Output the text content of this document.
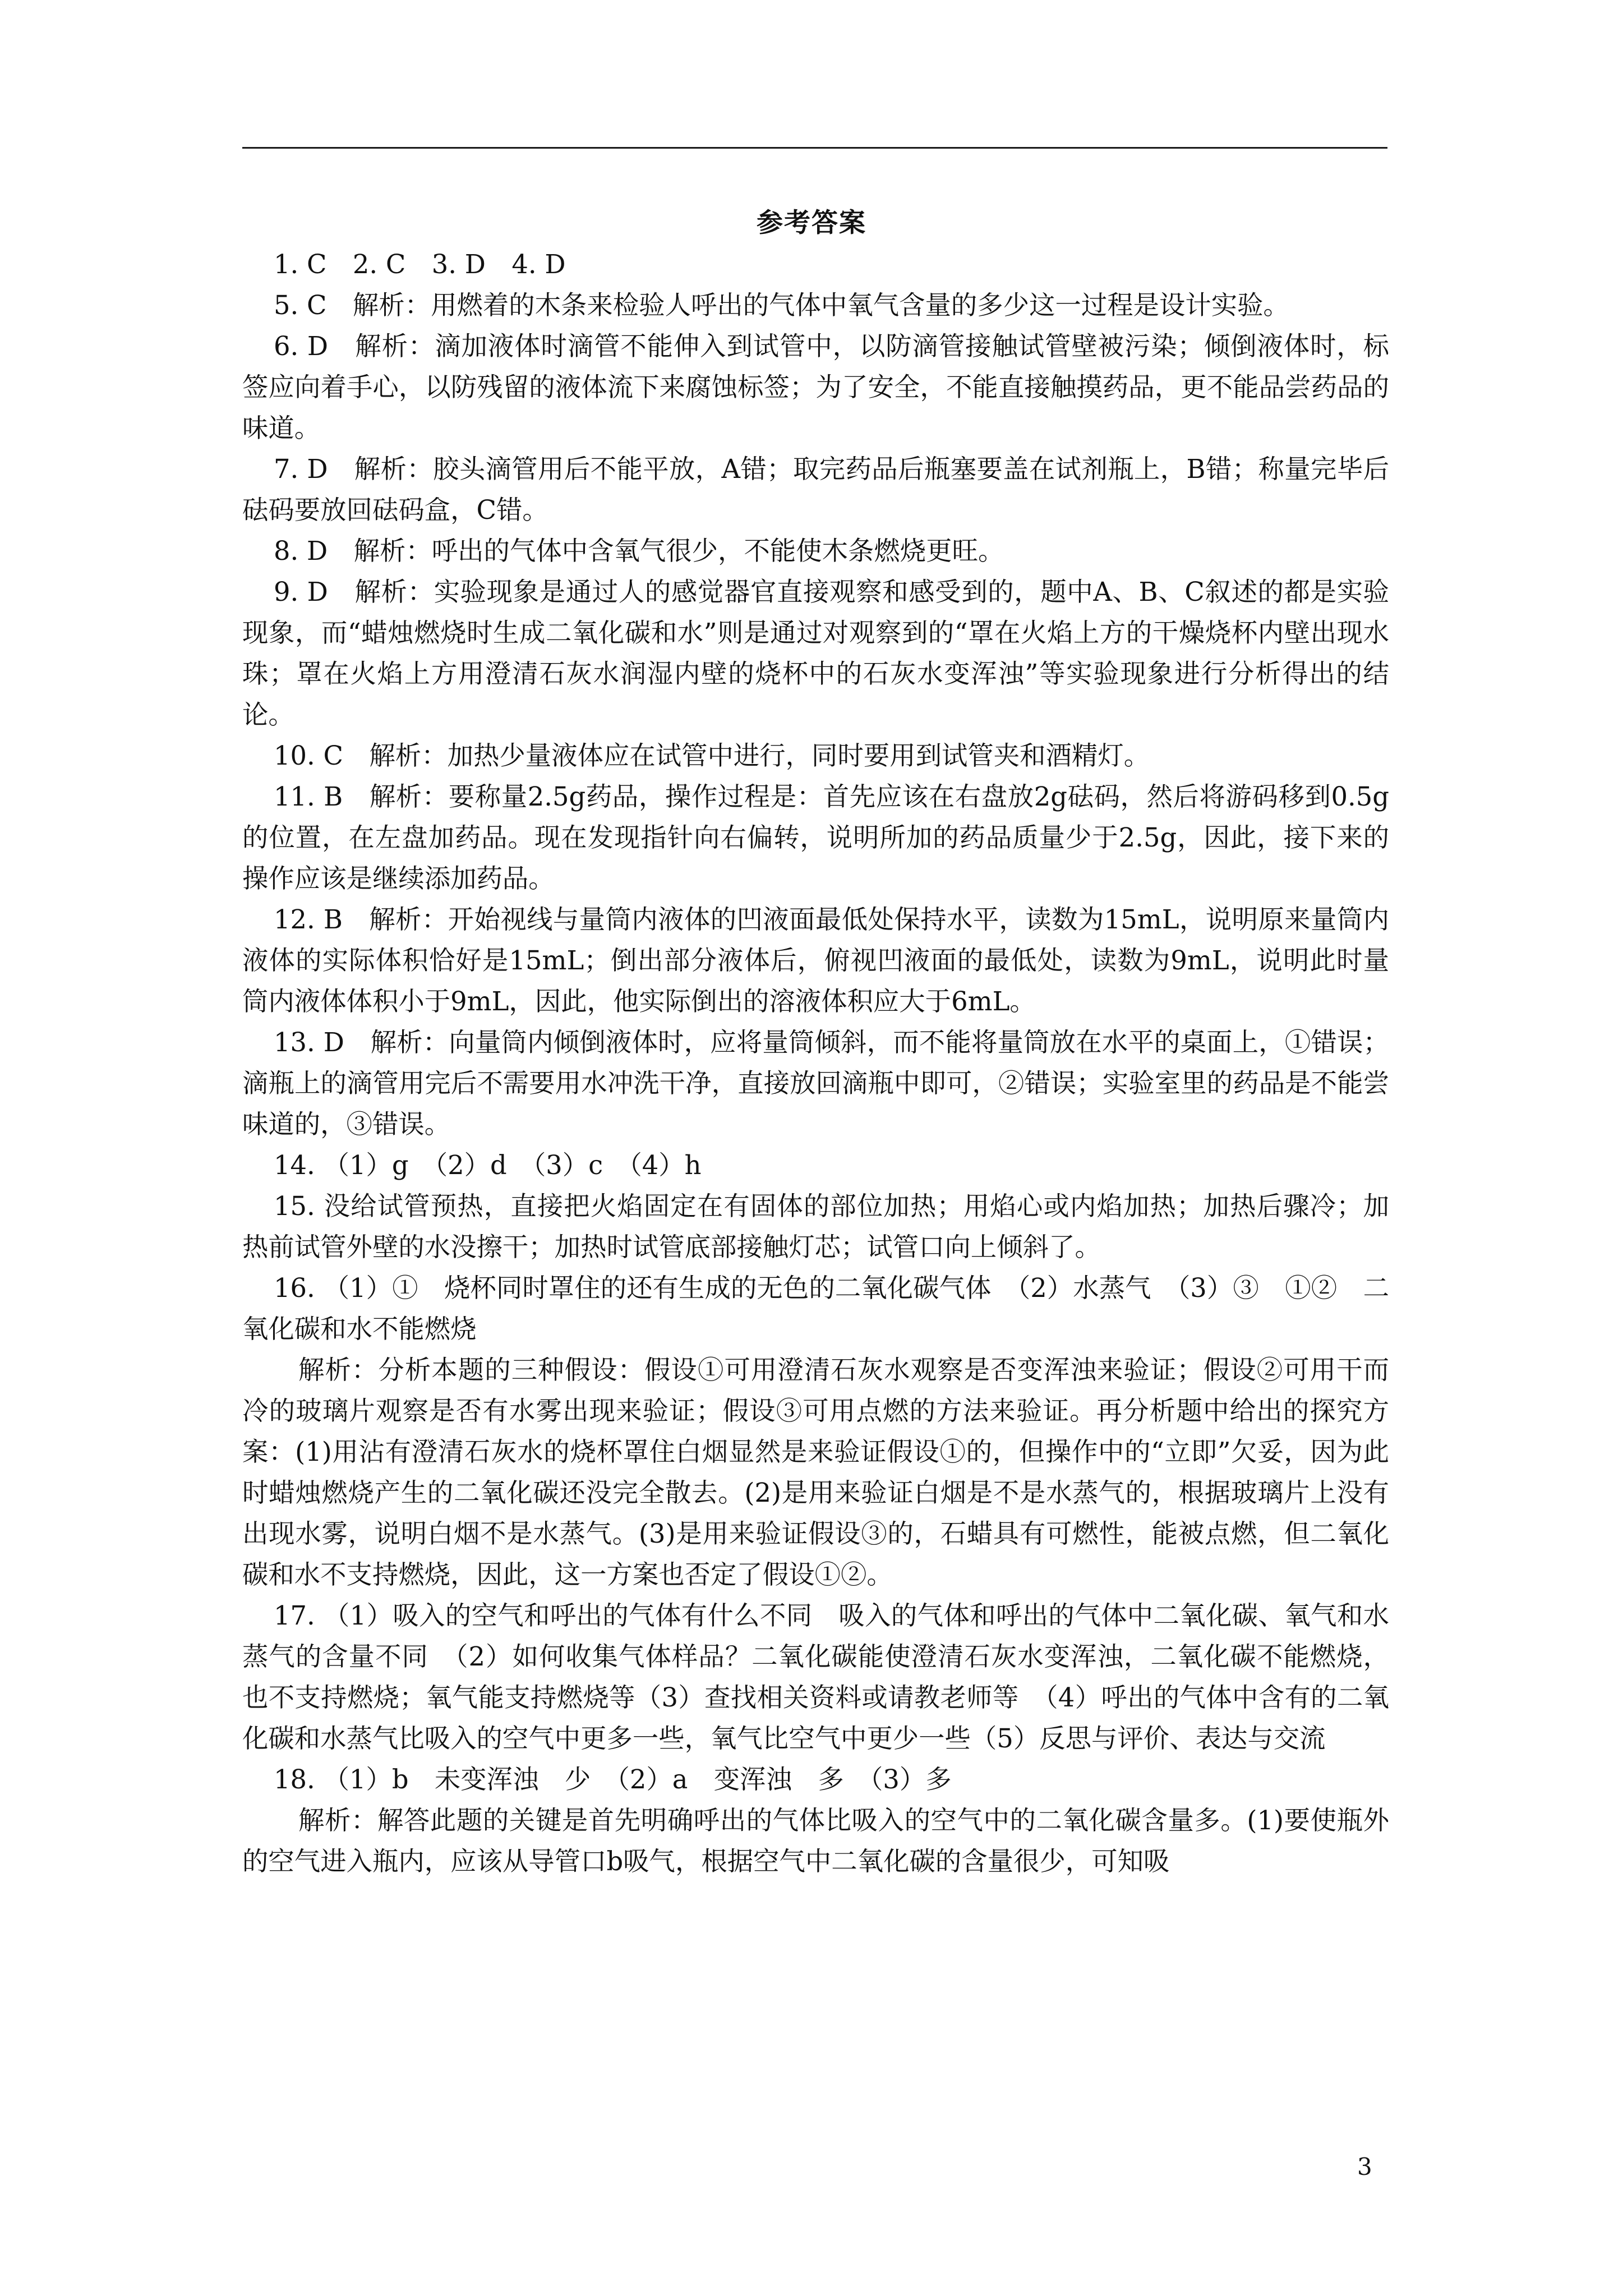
参考答案

1. C　2. C　3. D　4. D

5. C　解析：用燃着的木条来检验人呼出的气体中氧气含量的多少这一过程是设计实验。

6. D　解析：滴加液体时滴管不能伸入到试管中，以防滴管接触试管壁被污染；倾倒液体时，标签应向着手心，以防残留的液体流下来腐蚀标签；为了安全，不能直接触摸药品，更不能品尝药品的味道。

7. D　解析：胶头滴管用后不能平放，A错；取完药品后瓶塞要盖在试剂瓶上，B错；称量完毕后砝码要放回砝码盒，C错。

8. D　解析：呼出的气体中含氧气很少，不能使木条燃烧更旺。

9. D　解析：实验现象是通过人的感觉器官直接观察和感受到的，题中A、B、C叙述的都是实验现象，而“蜡烛燃烧时生成二氧化碳和水”则是通过对观察到的“罩在火焰上方的干燥烧杯内壁出现水珠；罩在火焰上方用澄清石灰水润湿内壁的烧杯中的石灰水变浑浊”等实验现象进行分析得出的结论。

10. C　解析：加热少量液体应在试管中进行，同时要用到试管夹和酒精灯。

11. B　解析：要称量2.5g药品，操作过程是：首先应该在右盘放2g砝码，然后将游码移到0.5g的位置，在左盘加药品。现在发现指针向右偏转，说明所加的药品质量少于2.5g，因此，接下来的操作应该是继续添加药品。

12. B　解析：开始视线与量筒内液体的凹液面最低处保持水平，读数为15mL，说明原来量筒内液体的实际体积恰好是15mL；倒出部分液体后，俯视凹液面的最低处，读数为9mL，说明此时量筒内液体体积小于9mL，因此，他实际倒出的溶液体积应大于6mL。

13. D　解析：向量筒内倾倒液体时，应将量筒倾斜，而不能将量筒放在水平的桌面上，①错误；滴瓶上的滴管用完后不需要用水冲洗干净，直接放回滴瓶中即可，②错误；实验室里的药品是不能尝味道的，③错误。

14. （1）g　（2）d　（3）c　（4）h

15. 没给试管预热，直接把火焰固定在有固体的部位加热；用焰心或内焰加热；加热后骤冷；加热前试管外壁的水没擦干；加热时试管底部接触灯芯；试管口向上倾斜了。

16. （1）①　烧杯同时罩住的还有生成的无色的二氧化碳气体　（2）水蒸气　（3）③　①②　二氧化碳和水不能燃烧

解析：分析本题的三种假设：假设①可用澄清石灰水观察是否变浑浊来验证；假设②可用干而冷的玻璃片观察是否有水雾出现来验证；假设③可用点燃的方法来验证。再分析题中给出的探究方案：(1)用沾有澄清石灰水的烧杯罩住白烟显然是来验证假设①的，但操作中的“立即”欠妥，因为此时蜡烛燃烧产生的二氧化碳还没完全散去。(2)是用来验证白烟是不是水蒸气的，根据玻璃片上没有出现水雾，说明白烟不是水蒸气。(3)是用来验证假设③的，石蜡具有可燃性，能被点燃，但二氧化碳和水不支持燃烧，因此，这一方案也否定了假设①②。

17. （1）吸入的空气和呼出的气体有什么不同　吸入的气体和呼出的气体中二氧化碳、氧气和水蒸气的含量不同　（2）如何收集气体样品？二氧化碳能使澄清石灰水变浑浊，二氧化碳不能燃烧，也不支持燃烧；氧气能支持燃烧等（3）查找相关资料或请教老师等　（4）呼出的气体中含有的二氧化碳和水蒸气比吸入的空气中更多一些，氧气比空气中更少一些（5）反思与评价、表达与交流

18. （1）b　未变浑浊　少　（2）a　变浑浊　多　（3）多

解析：解答此题的关键是首先明确呼出的气体比吸入的空气中的二氧化碳含量多。(1)要使瓶外的空气进入瓶内，应该从导管口b吸气，根据空气中二氧化碳的含量很少，可知吸

3
